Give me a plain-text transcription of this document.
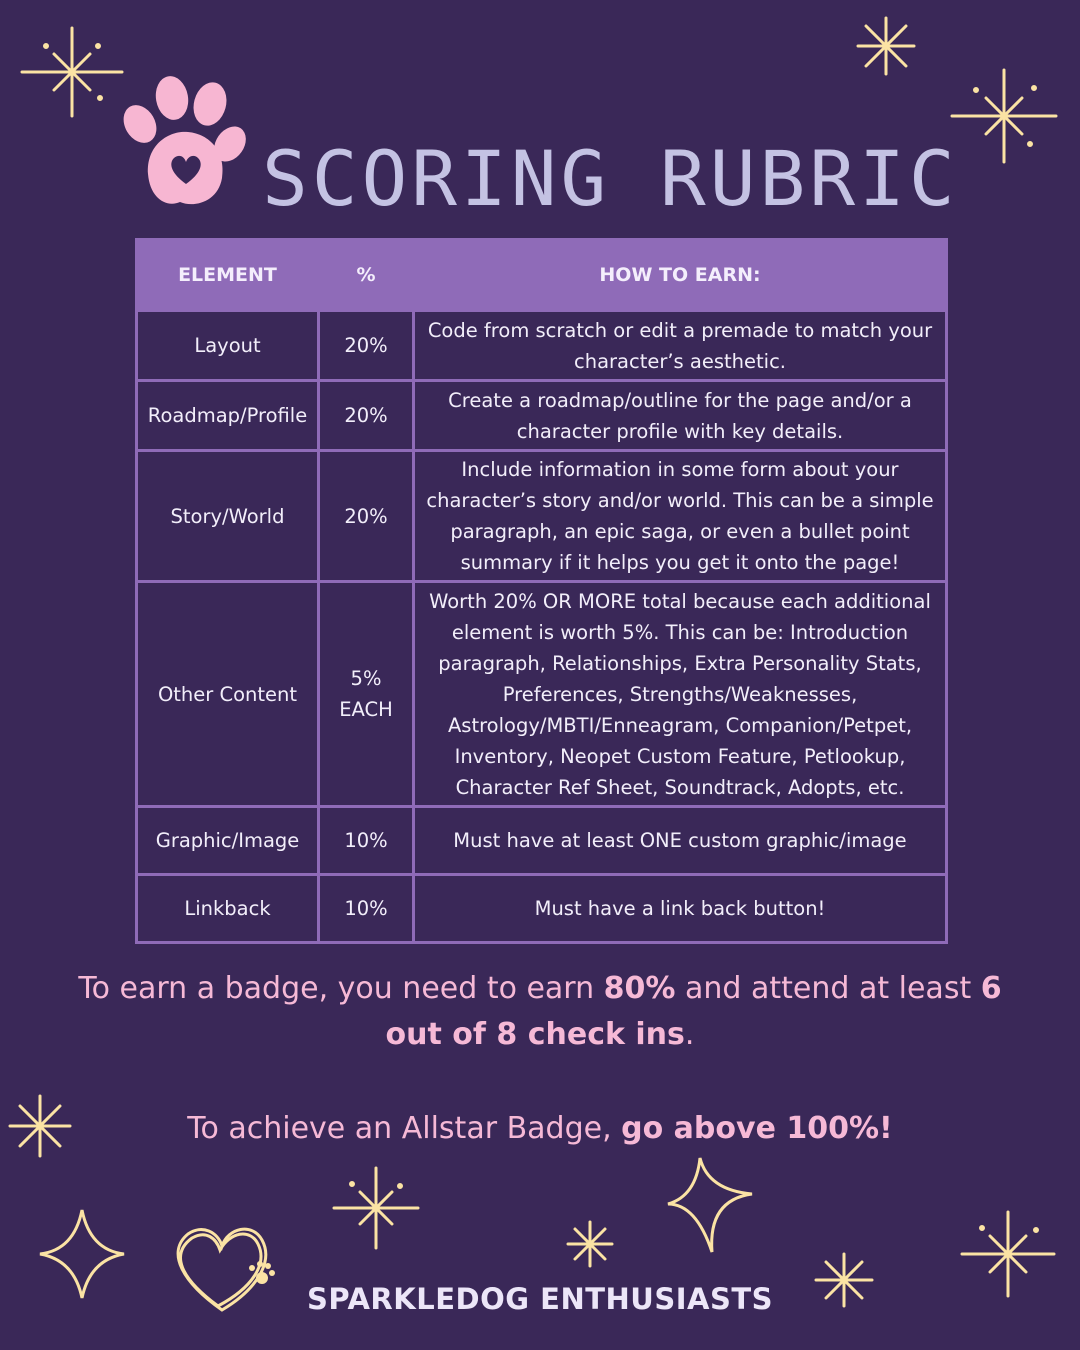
SCORING RUBRIC
ELEMENT	%	HOW TO EARN:
Layout	20%	Code from scratch or edit a premade to match your character’s aesthetic.
Roadmap/Profile	20%	Create a roadmap/outline for the page and/or a character profile with key details.
Story/World	20%	Include information in some form about your character’s story and/or world. This can be a simple paragraph, an epic saga, or even a bullet point summary if it helps you get it onto the page!
Other Content	5% EACH	Worth 20% OR MORE total because each additional element is worth 5%. This can be: Introduction paragraph, Relationships, Extra Personality Stats, Preferences, Strengths/Weaknesses, Astrology/MBTI/Enneagram, Companion/Petpet, Inventory, Neopet Custom Feature, Petlookup, Character Ref Sheet, Soundtrack, Adopts, etc.
Graphic/Image	10%	Must have at least ONE custom graphic/image
Linkback	10%	Must have a link back button!
To earn a badge, you need to earn 80% and attend at least 6 out of 8 check ins.
To achieve an Allstar Badge, go above 100%!
SPARKLEDOG ENTHUSIASTS
